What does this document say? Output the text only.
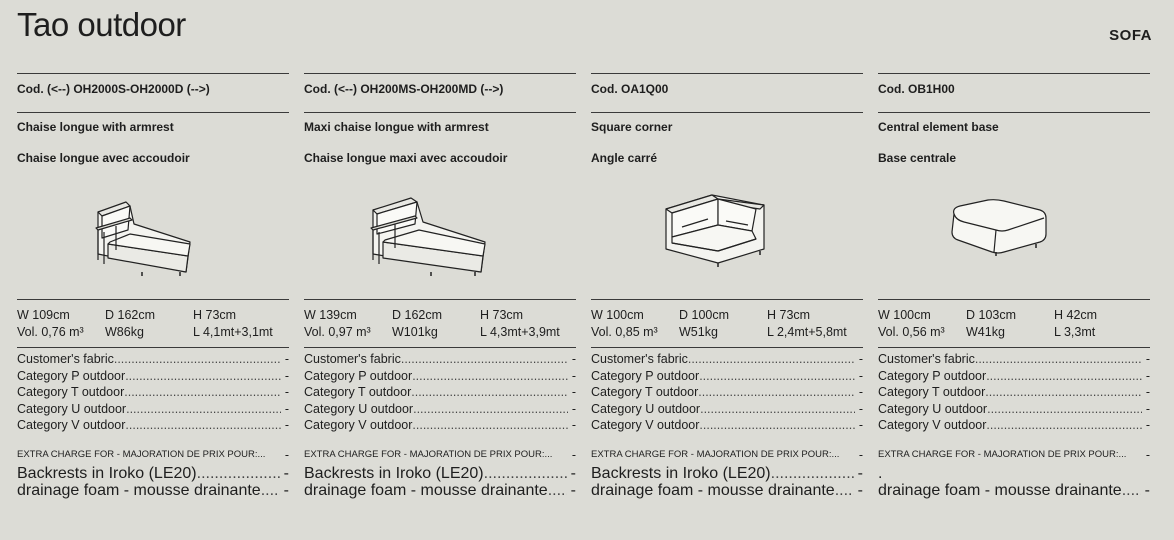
Tao outdoor	SOFA
Cod. (<--) OH2000S-OH2000D (-->)
Chaise longue with armrest
Chaise longue avec accoudoir
W 109cm	D 162cm	H 73cm
Vol. 0,76 m³	W86kg	L 4,1mt+3,1mt
Customer's fabric .....	-
Category P outdoor .....	-
Category T outdoor .....	-
Category U outdoor .....	-
Category V outdoor .....	-
EXTRA CHARGE FOR - MAJORATION DE PRIX POUR:...	-
Backrests in Iroko (LE20) .....	-
drainage foam - mousse drainante ..... -
Cod. (<--) OH200MS-OH200MD (-->)
Maxi chaise longue with armrest
Chaise longue maxi avec accoudoir
W 139cm	D 162cm	H 73cm
Vol. 0,97 m³	W101kg	L 4,3mt+3,9mt
Customer's fabric .....	-
Category P outdoor .....	-
Category T outdoor .....	-
Category U outdoor .....	-
Category V outdoor .....	-
EXTRA CHARGE FOR - MAJORATION DE PRIX POUR:...	-
Backrests in Iroko (LE20) .....	-
drainage foam - mousse drainante ..... -
Cod. OA1Q00
Square corner
Angle carré
W 100cm	D 100cm	H 73cm
Vol. 0,85 m³	W51kg	L 2,4mt+5,8mt
Customer's fabric .....	-
Category P outdoor .....	-
Category T outdoor .....	-
Category U outdoor .....	-
Category V outdoor .....	-
EXTRA CHARGE FOR - MAJORATION DE PRIX POUR:...	-
Backrests in Iroko (LE20) .....	-
drainage foam - mousse drainante ..... -
Cod. OB1H00
Central element base
Base centrale
W 100cm	D 103cm	H 42cm
Vol. 0,56 m³	W41kg	L 3,3mt
Customer's fabric .....	-
Category P outdoor .....	-
Category T outdoor .....	-
Category U outdoor .....	-
Category V outdoor .....	-
EXTRA CHARGE FOR - MAJORATION DE PRIX POUR:...	-
.
drainage foam - mousse drainante ..... -
